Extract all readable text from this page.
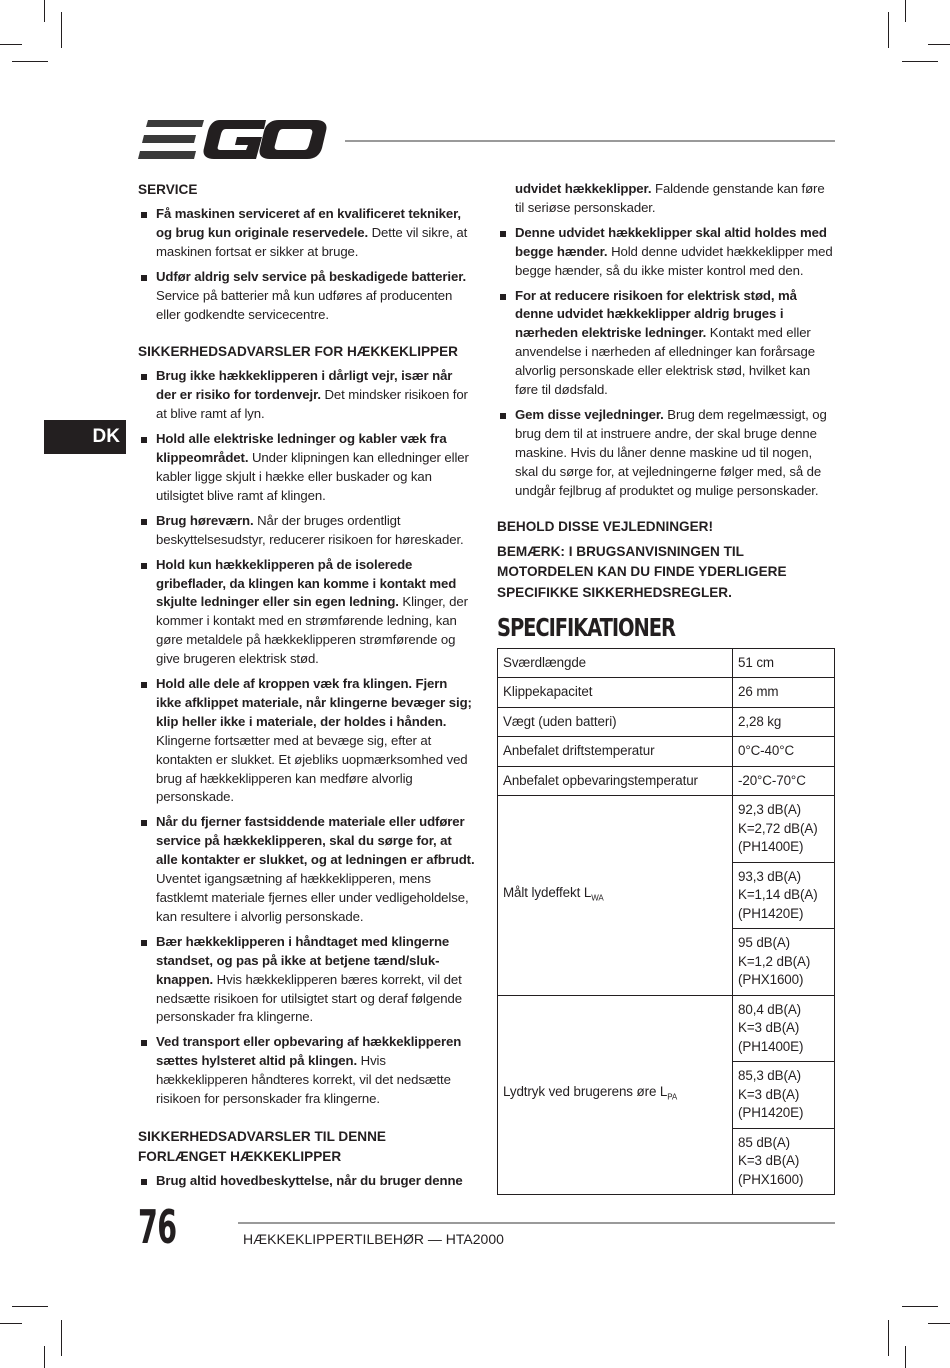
DK
SERVICE
Få maskinen serviceret af en kvalificeret tekniker, og brug kun originale reservedele. Dette vil sikre, at maskinen fortsat er sikker at bruge.
Udfør aldrig selv service på beskadigede batterier. Service på batterier må kun udføres af producenten eller godkendte servicecentre.
SIKKERHEDSADVARSLER FOR HÆKKEKLIPPER
Brug ikke hækkeklipperen i dårligt vejr, især når der er risiko for tordenvejr. Det mindsker risikoen for at blive ramt af lyn.
Hold alle elektriske ledninger og kabler væk fra klippeområdet. Under klipningen kan elledninger eller kabler ligge skjult i hække eller buskader og kan utilsigtet blive ramt af klingen.
Brug høreværn. Når der bruges ordentligt beskyttelsesudstyr, reducerer risikoen for høreskader.
Hold kun hækkeklipperen på de isolerede gribeflader, da klingen kan komme i kontakt med skjulte ledninger eller sin egen ledning. Klinger, der kommer i kontakt med en strømførende ledning, kan gøre metaldele på hækkeklipperen strømførende og give brugeren elektrisk stød.
Hold alle dele af kroppen væk fra klingen. Fjern ikke afklippet materiale, når klingerne bevæger sig; klip heller ikke i materiale, der holdes i hånden. Klingerne fortsætter med at bevæge sig, efter at kontakten er slukket. Et øjebliks uopmærksomhed ved brug af hækkeklipperen kan medføre alvorlig personskade.
Når du fjerner fastsiddende materiale eller udfører service på hækkeklipperen, skal du sørge for, at alle kontakter er slukket, og at ledningen er afbrudt. Uventet igangsætning af hækkeklipperen, mens fastklemt materiale fjernes eller under vedligeholdelse, kan resultere i alvorlig personskade.
Bær hækkeklipperen i håndtaget med klingerne standset, og pas på ikke at betjene tænd/sluk-knappen. Hvis hækkeklipperen bæres korrekt, vil det nedsætte risikoen for utilsigtet start og deraf følgende personskader fra klingerne.
Ved transport eller opbevaring af hækkeklipperen sættes hylsteret altid på klingen. Hvis hækkeklipperen håndteres korrekt, vil det nedsætte risikoen for personskader fra klingerne.
SIKKERHEDSADVARSLER TIL DENNE FORLÆNGET HÆKKEKLIPPER
Brug altid hovedbeskyttelse, når du bruger denne
udvidet hækkeklipper. Faldende genstande kan føre til seriøse personskader.
Denne udvidet hækkeklipper skal altid holdes med begge hænder. Hold denne udvidet hækkeklipper med begge hænder, så du ikke mister kontrol med den.
For at reducere risikoen for elektrisk stød, må denne udvidet hækkeklipper aldrig bruges i nærheden elektriske ledninger. Kontakt med eller anvendelse i nærheden af elledninger kan forårsage alvorlig personskade eller elektrisk stød, hvilket kan føre til dødsfald.
Gem disse vejledninger. Brug dem regelmæssigt, og brug dem til at instruere andre, der skal bruge denne maskine. Hvis du låner denne maskine ud til nogen, skal du sørge for, at vejledningerne følger med, så de undgår fejlbrug af produktet og mulige personskader.
BEHOLD DISSE VEJLEDNINGER!
BEMÆRK: I BRUGSANVISNINGEN TIL MOTORDELEN KAN DU FINDE YDERLIGERE SPECIFIKKE SIKKERHEDSREGLER.
SPECIFIKATIONER
Sværdlængde	51 cm
Klippekapacitet	26 mm
Vægt (uden batteri)	2,28 kg
Anbefalet driftstemperatur	0°C-40°C
Anbefalet opbevaringstemperatur	-20°C-70°C
Målt lydeffekt $L_{WA}$	92,3 dB(A)
K=2,72 dB(A)
(PH1400E)
	93,3 dB(A)
K=1,14 dB(A)
(PH1420E)
	95 dB(A)
K=1,2 dB(A)
(PHX1600)
Lydtryk ved brugerens øre $L_{PA}$	80,4 dB(A)
K=3 dB(A)
(PH1400E)
	85,3 dB(A)
K=3 dB(A)
(PH1420E)
	85 dB(A)
K=3 dB(A)
(PHX1600)
76	HÆKKEKLIPPERTILBEHØR — HTA2000
